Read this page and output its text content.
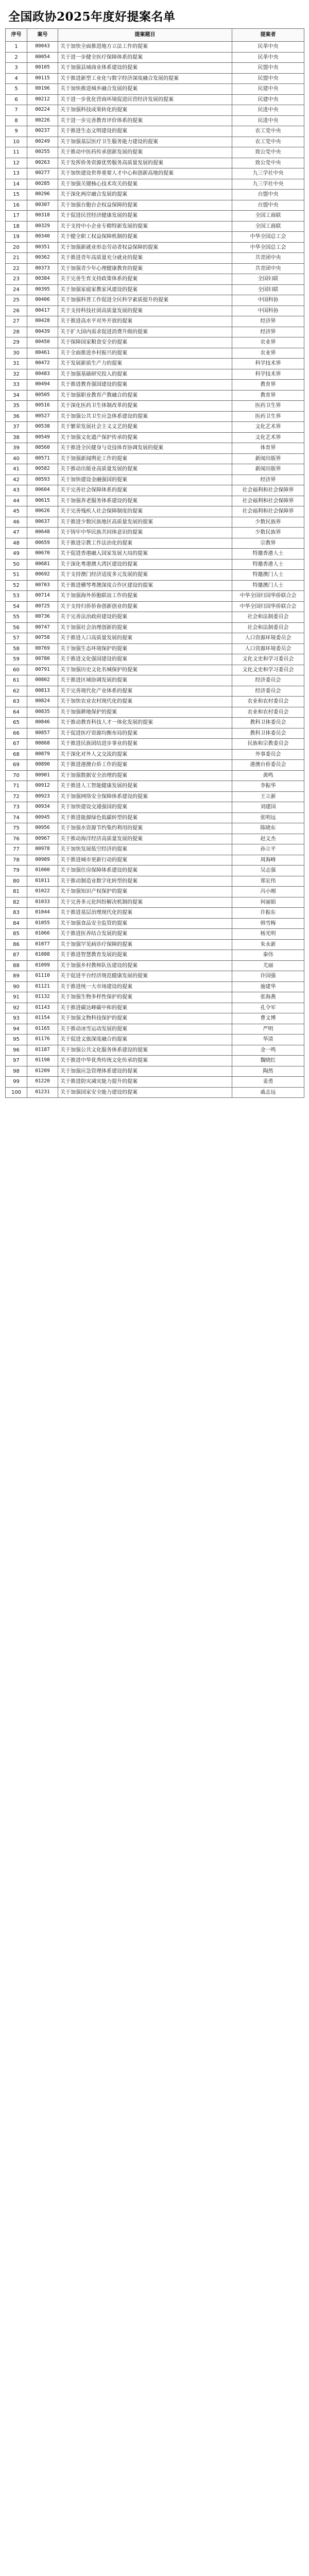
全国政协2025年度好提案名单
序号	案号	提案题目	提案者
1	00043	关于加快全面推进地方立法工作的提案	民革中央
2	00054	关于进一步健全医疗保障体系的提案	民革中央
3	00105	关于加强县域商业体系建设的提案	民盟中央
4	00115	关于推进新型工业化与数字经济深度融合发展的提案	民盟中央
5	00196	关于加快推进城乡融合发展的提案	民建中央
6	00212	关于进一步优化营商环境促进民营经济发展的提案	民建中央
7	00224	关于加强科技成果转化的提案	民进中央
8	00226	关于进一步完善教育评价体系的提案	民进中央
9	00237	关于推进生态文明建设的提案	农工党中央
10	00249	关于加强基层医疗卫生服务能力建设的提案	农工党中央
11	00255	关于推动中医药传承创新发展的提案	致公党中央
12	00263	关于发挥侨务资源优势服务高质量发展的提案	致公党中央
13	00277	关于加快建设世界重要人才中心和创新高地的提案	九三学社中央
14	00285	关于加强关键核心技术攻关的提案	九三学社中央
15	00296	关于深化两岸融合发展的提案	台盟中央
16	00307	关于加强台胞台企权益保障的提案	台盟中央
17	00318	关于促进民营经济健康发展的提案	全国工商联
18	00329	关于支持中小企业专精特新发展的提案	全国工商联
19	00340	关于健全职工权益保障机制的提案	中华全国总工会
20	00351	关于加强新就业形态劳动者权益保障的提案	中华全国总工会
21	00362	关于推进青年高质量充分就业的提案	共青团中央
22	00373	关于加强青少年心理健康教育的提案	共青团中央
23	00384	关于完善生育支持政策体系的提案	全国妇联
24	00395	关于加强家庭家教家风建设的提案	全国妇联
25	00406	关于加强科普工作促进全民科学素质提升的提案	中国科协
26	00417	关于支持科技社团高质量发展的提案	中国科协
27	00428	关于推进高水平对外开放的提案	经济界
28	00439	关于扩大国内需求促进消费升级的提案	经济界
29	00450	关于保障国家粮食安全的提案	农业界
30	00461	关于全面推进乡村振兴的提案	农业界
31	00472	关于发展新质生产力的提案	科学技术界
32	00483	关于加强基础研究投入的提案	科学技术界
33	00494	关于推进教育强国建设的提案	教育界
34	00505	关于加强职业教育产教融合的提案	教育界
35	00516	关于深化医药卫生体制改革的提案	医药卫生界
36	00527	关于加强公共卫生应急体系建设的提案	医药卫生界
37	00538	关于繁荣发展社会主义文艺的提案	文化艺术界
38	00549	关于加强文化遗产保护传承的提案	文化艺术界
39	00560	关于推进全民健身与竞技体育协调发展的提案	体育界
40	00571	关于加强新闻舆论工作的提案	新闻出版界
41	00582	关于推动出版业高质量发展的提案	新闻出版界
42	00593	关于加快建设金融强国的提案	经济界
43	00604	关于完善社会保障体系的提案	社会福利和社会保障界
44	00615	关于加强养老服务体系建设的提案	社会福利和社会保障界
45	00626	关于完善残疾人社会保障制度的提案	社会福利和社会保障界
46	00637	关于推进少数民族地区高质量发展的提案	少数民族界
47	00648	关于铸牢中华民族共同体意识的提案	少数民族界
48	00659	关于推进宗教工作法治化的提案	宗教界
49	00670	关于促进香港融入国家发展大局的提案	特邀香港人士
50	00681	关于深化粤港澳大湾区建设的提案	特邀香港人士
51	00692	关于支持澳门经济适度多元发展的提案	特邀澳门人士
52	00703	关于推进横琴粤澳深度合作区建设的提案	特邀澳门人士
53	00714	关于加强海外侨胞联谊工作的提案	中华全国归国华侨联合会
54	00725	关于支持归侨侨眷创新创业的提案	中华全国归国华侨联合会
55	00736	关于完善法治政府建设的提案	社会和法制委员会
56	00747	关于加强社会治理创新的提案	社会和法制委员会
57	00758	关于推进人口高质量发展的提案	人口资源环境委员会
58	00769	关于加强生态环境保护的提案	人口资源环境委员会
59	00780	关于推进文化强国建设的提案	文化文史和学习委员会
60	00791	关于加强历史文化名城保护的提案	文化文史和学习委员会
61	00802	关于推进区域协调发展的提案	经济委员会
62	00813	关于完善现代化产业体系的提案	经济委员会
63	00824	关于加快农业农村现代化的提案	农业和农村委员会
64	00835	关于加强耕地保护的提案	农业和农村委员会
65	00846	关于推动教育科技人才一体化发展的提案	教科卫体委员会
66	00857	关于促进医疗资源均衡布局的提案	教科卫体委员会
67	00868	关于推进民族团结进步事业的提案	民族和宗教委员会
68	00879	关于深化对外人文交流的提案	外事委员会
69	00890	关于推进港澳台侨工作的提案	港澳台侨委员会
70	00901	关于加强数据安全治理的提案	黄鸣
71	00912	关于推进人工智能健康发展的提案	李振华
72	00923	关于加强网络安全保障体系建设的提案	王立新
73	00934	关于加快建设交通强国的提案	刘建国
74	00945	关于推进能源绿色低碳转型的提案	张明远
75	00956	关于加强水资源节约集约利用的提案	陈晓东
76	00967	关于推动海洋经济高质量发展的提案	赵文杰
77	00978	关于加快发展低空经济的提案	孙立平
78	00989	关于推进城市更新行动的提案	周海峰
79	01000	关于加强住房保障体系建设的提案	吴志强
80	01011	关于推动制造业数字化转型的提案	郑宏伟
81	01022	关于加强知识产权保护的提案	冯小刚
82	01033	关于完善多元化纠纷解决机制的提案	何丽娟
83	01044	关于推进基层治理现代化的提案	许振东
84	01055	关于加强食品安全监管的提案	韩雪梅
85	01066	关于推进医养结合发展的提案	杨光明
86	01077	关于加强罕见病诊疗保障的提案	朱永新
87	01088	关于推进智慧教育发展的提案	秦伟
88	01099	关于加强乡村教师队伍建设的提案	尤丽
89	01110	关于促进平台经济规范健康发展的提案	许国强
90	01121	关于推进统一大市场建设的提案	施建华
91	01132	关于加强生物多样性保护的提案	张海燕
92	01143	关于推进碳达峰碳中和的提案	孔令军
93	01154	关于加强文物科技保护的提案	曹文博
94	01165	关于推动冰雪运动发展的提案	严明
95	01176	关于促进文旅深度融合的提案	华清
96	01187	关于加强公共文化服务体系建设的提案	金一鸣
97	01198	关于推进中华优秀传统文化传承的提案	魏晓红
98	01209	关于加强应急管理体系建设的提案	陶然
99	01220	关于推进防灾减灾能力提升的提案	姜勇
100	01231	关于加强国家安全能力建设的提案	戚志远
